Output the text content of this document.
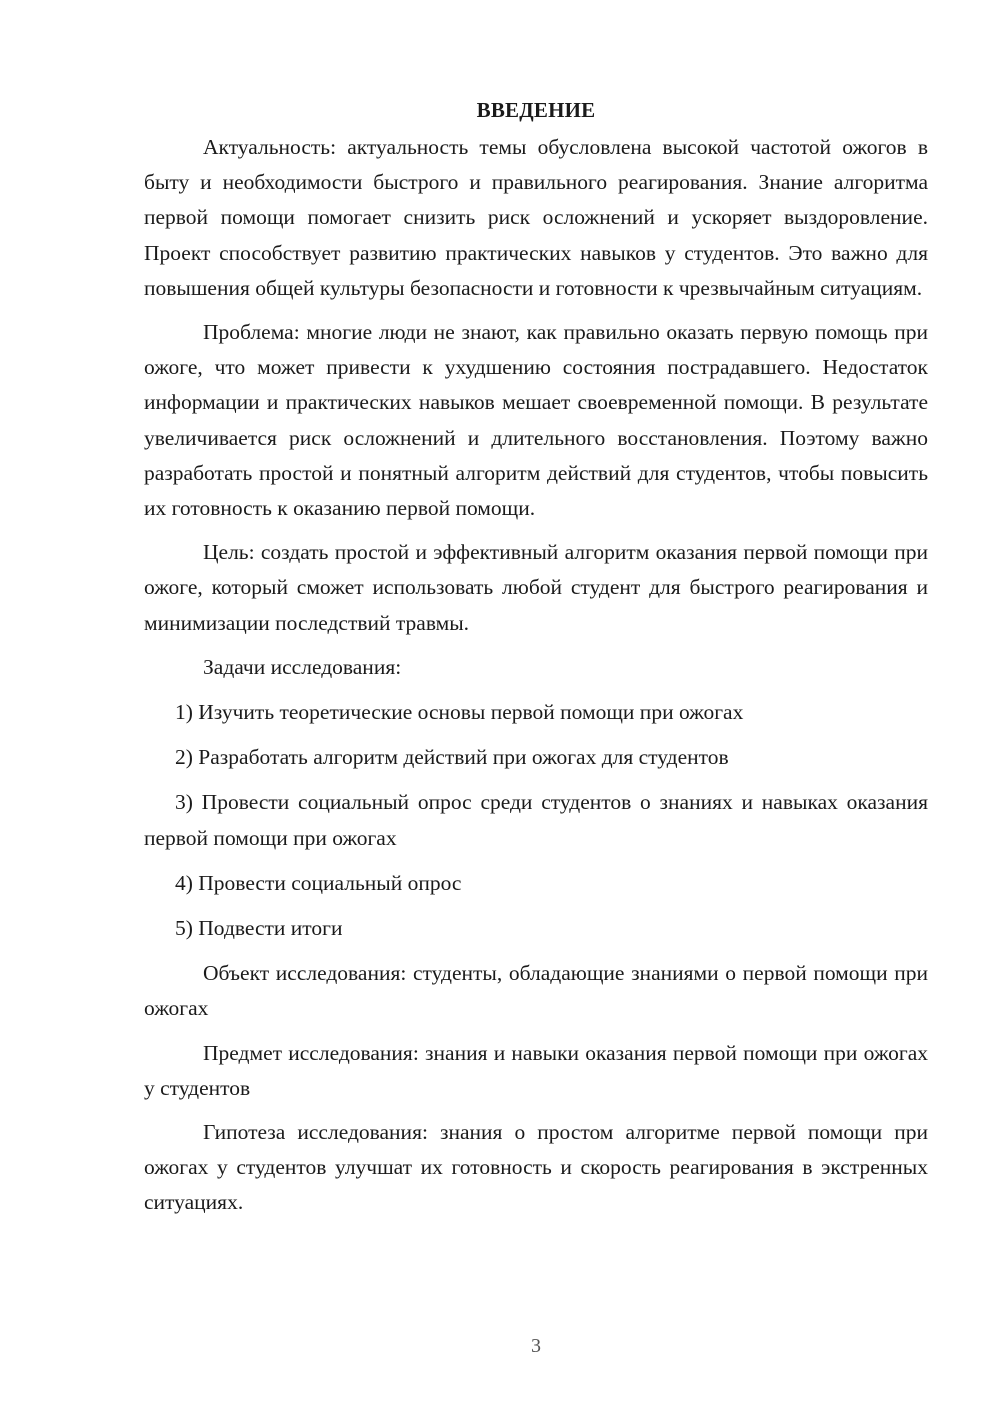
ВВЕДЕНИЕ

Актуальность: актуальность темы обусловлена высокой частотой ожогов в быту и необходимости быстрого и правильного реагирования. Знание алгоритма первой помощи помогает снизить риск осложнений и ускоряет выздоровление. Проект способствует развитию практических навыков у студентов. Это важно для повышения общей культуры безопасности и готовности к чрезвычайным ситуациям.

Проблема: многие люди не знают, как правильно оказать первую помощь при ожоге, что может привести к ухудшению состояния пострадавшего. Недостаток информации и практических навыков мешает своевременной помощи. В результате увеличивается риск осложнений и длительного восстановления. Поэтому важно разработать простой и понятный алгоритм действий для студентов, чтобы повысить их готовность к оказанию первой помощи.

Цель: создать простой и эффективный алгоритм оказания первой помощи при ожоге, который сможет использовать любой студент для быстрого реагирования и минимизации последствий травмы.

Задачи исследования:

1) Изучить теоретические основы первой помощи при ожогах

2) Разработать алгоритм действий при ожогах для студентов

3) Провести социальный опрос среди студентов о знаниях и навыках оказания первой помощи при ожогах

4) Провести социальный опрос

5) Подвести итоги

Объект исследования: студенты, обладающие знаниями о первой помощи при ожогах

Предмет исследования: знания и навыки оказания первой помощи при ожогах у студентов

Гипотеза исследования: знания о простом алгоритме первой помощи при ожогах у студентов улучшат их готовность и скорость реагирования в экстренных ситуациях.

3
